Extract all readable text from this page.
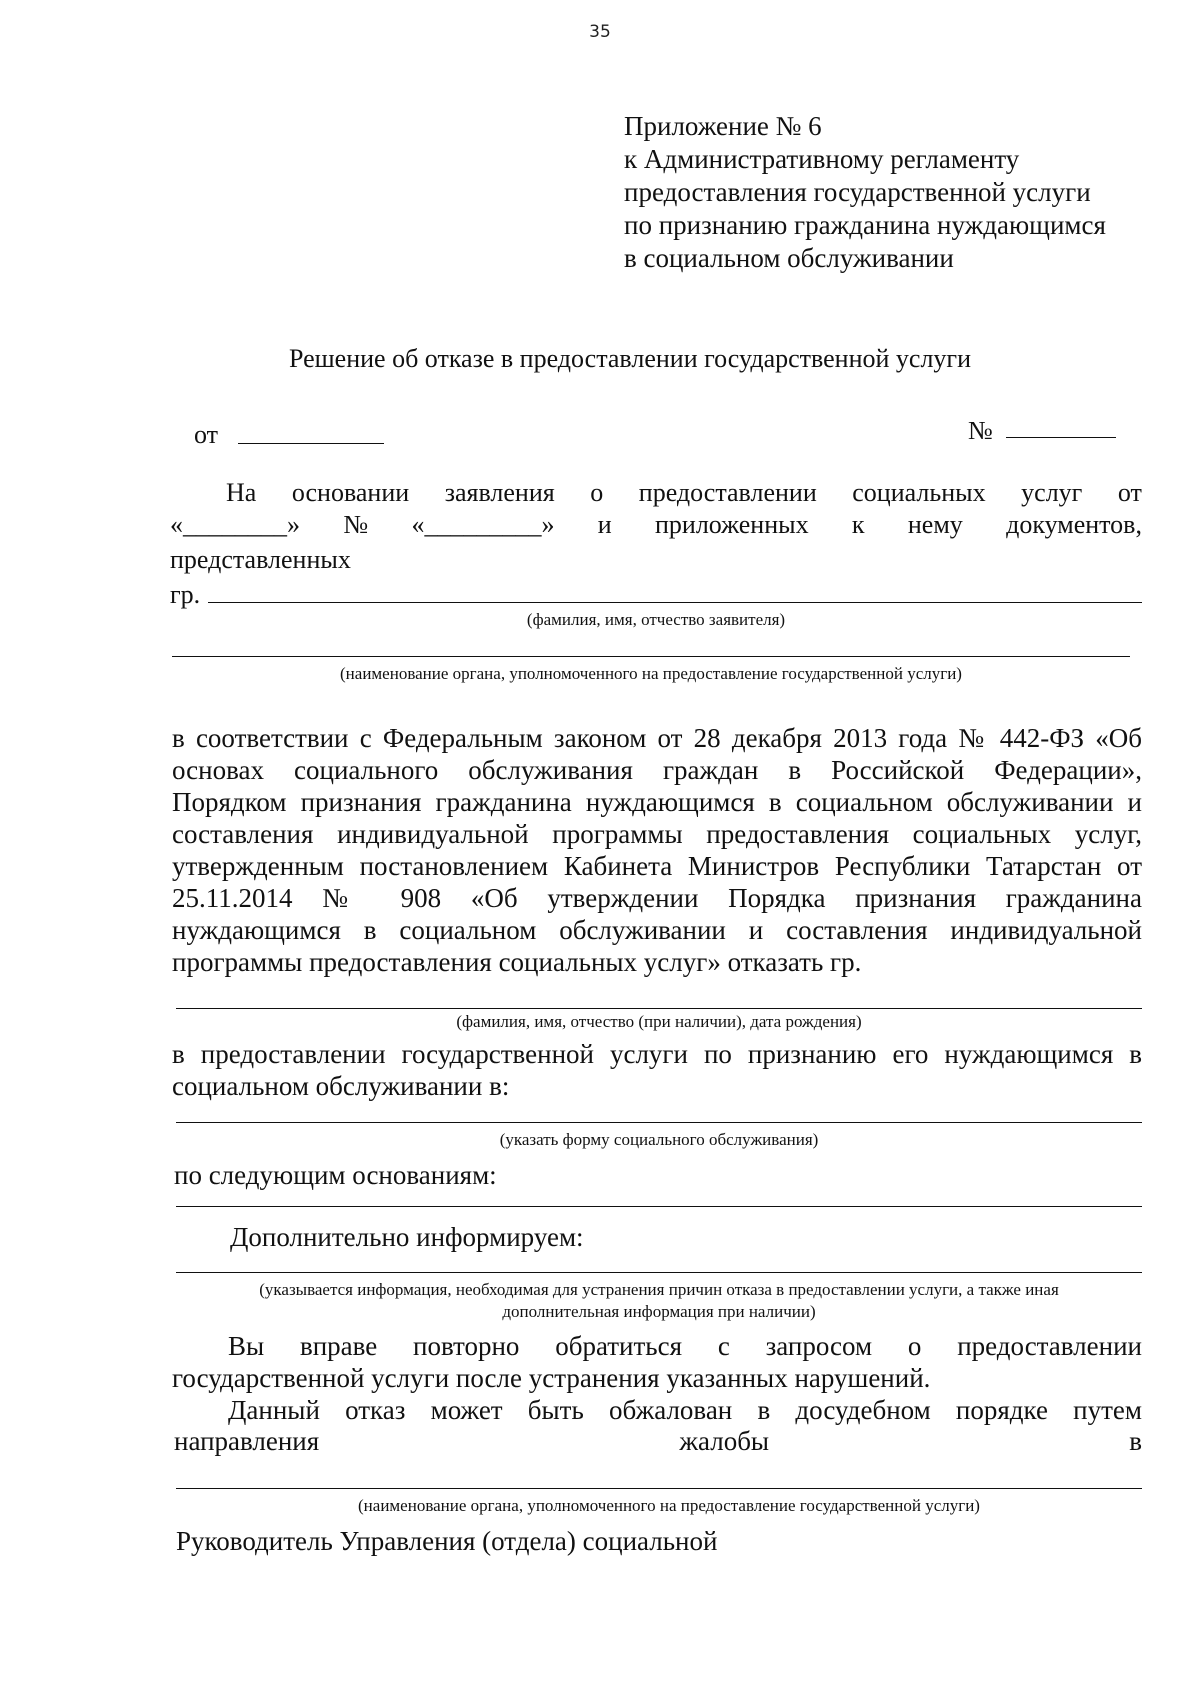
35
Приложение № 6
к Административному регламенту
предоставления государственной услуги
по признанию гражданина нуждающимся
в социальном обслуживании
Решение об отказе в предоставлении государственной услуги
от	№
На основании заявления о предоставлении социальных услуг от
«________» № «_________» и приложенных к нему документов,
представленных
гр.
(фамилия, имя, отчество заявителя)
(наименование органа, уполномоченного на предоставление государственной услуги)
в соответствии с Федеральным законом от 28 декабря 2013 года № 442-ФЗ «Об
основах социального обслуживания граждан в Российской Федерации»,
Порядком признания гражданина нуждающимся в социальном обслуживании и
составления индивидуальной программы предоставления социальных услуг,
утвержденным постановлением Кабинета Министров Республики Татарстан от
25.11.2014 № 908 «Об утверждении Порядка признания гражданина
нуждающимся в социальном обслуживании и составления индивидуальной
программы предоставления социальных услуг» отказать гр.
(фамилия, имя, отчество (при наличии), дата рождения)
в предоставлении государственной услуги по признанию его нуждающимся в
социальном обслуживании в:
(указать форму социального обслуживания)
по следующим основаниям:
Дополнительно информируем:
(указывается информация, необходимая для устранения причин отказа в предоставлении услуги, а также иная
дополнительная информация при наличии)
Вы вправе повторно обратиться с запросом о предоставлении
государственной услуги после устранения указанных нарушений.
Данный отказ может быть обжалован в досудебном порядке путем
направления	жалобы	в
(наименование органа, уполномоченного на предоставление государственной услуги)
Руководитель Управления (отдела) социальной
